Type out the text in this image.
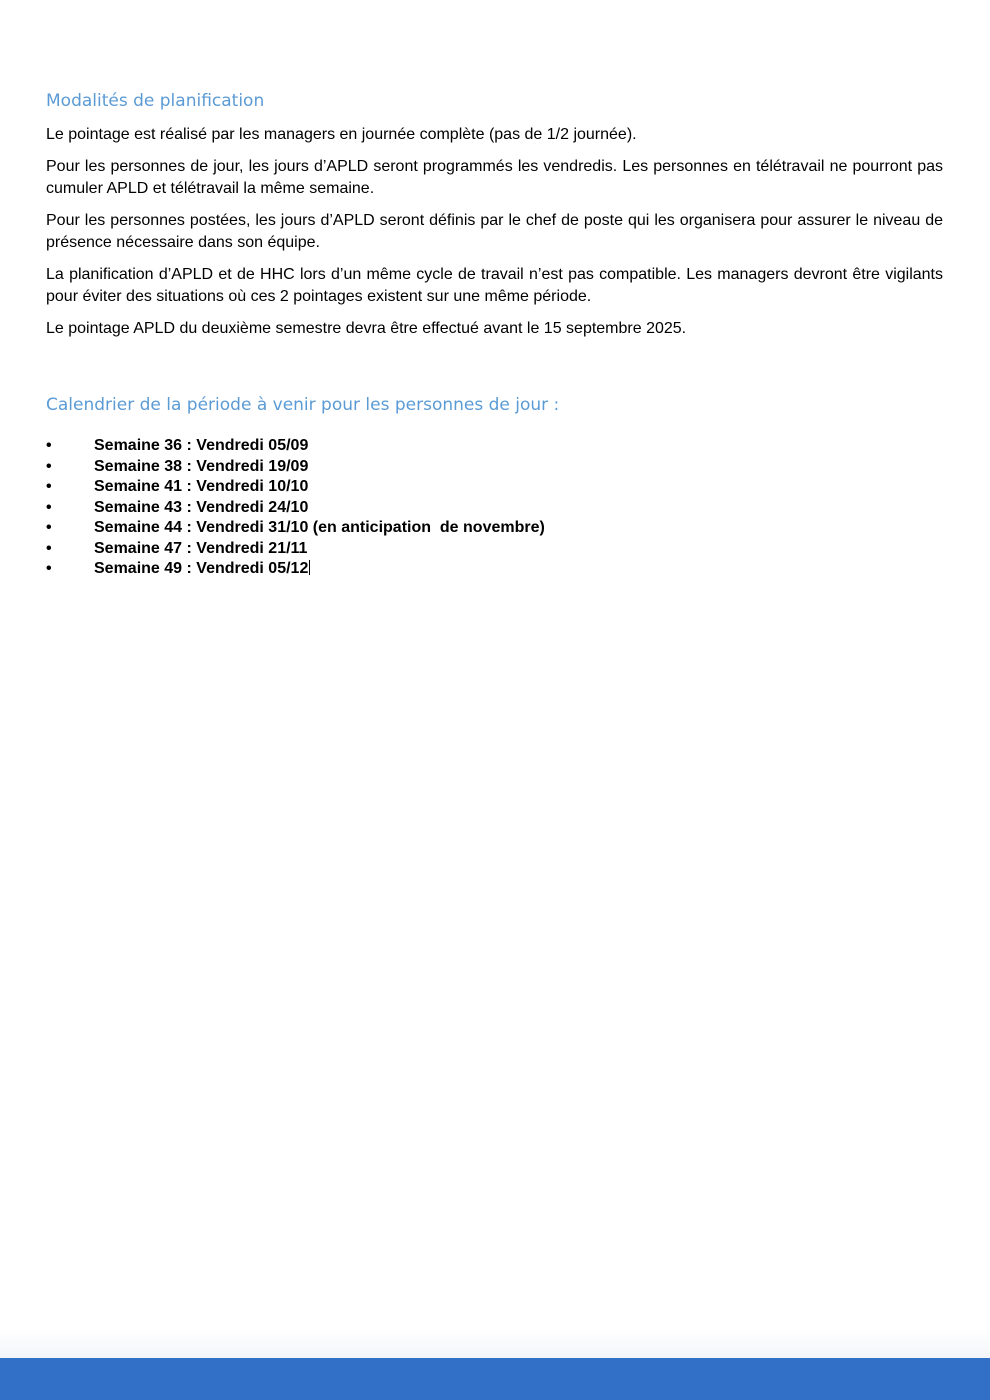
Modalités de planification

Le pointage est réalisé par les managers en journée complète (pas de 1/2 journée).

Pour les personnes de jour, les jours d’APLD seront programmés les vendredis. Les personnes en télétravail ne pourront pas cumuler APLD et télétravail la même semaine.

Pour les personnes postées, les jours d’APLD seront définis par le chef de poste qui les organisera pour assurer le niveau de présence nécessaire dans son équipe.

La planification d’APLD et de HHC lors d’un même cycle de travail n’est pas compatible. Les managers devront être vigilants pour éviter des situations où ces 2 pointages existent sur une même période.

Le pointage APLD du deuxième semestre devra être effectué avant le 15 septembre 2025.

Calendrier de la période à venir pour les personnes de jour :
•	Semaine 36 : Vendredi 05/09
•	Semaine 38 : Vendredi 19/09
•	Semaine 41 : Vendredi 10/10
•	Semaine 43 : Vendredi 24/10
•	Semaine 44 : Vendredi 31/10 (en anticipation  de novembre)
•	Semaine 47 : Vendredi 21/11
•	Semaine 49 : Vendredi 05/12
